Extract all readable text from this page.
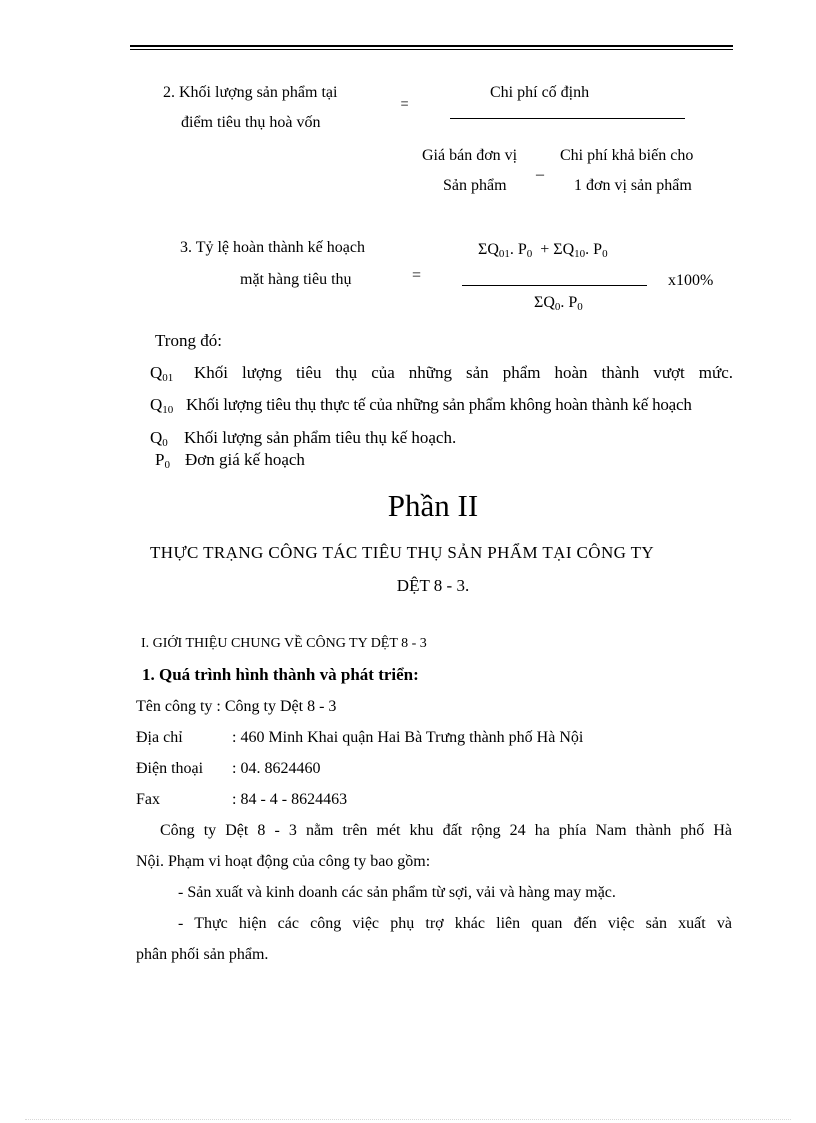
2. Khối lượng sản phẩm tại
điểm tiêu thụ hoà vốn
=
Chi phí cố định
Giá bán đơn vị
Sản phẩm
–
Chi phí khả biến cho
1 đơn vị sản phẩm
3. Tỷ lệ hoàn thành kế hoạch
mặt hàng tiêu thụ	=
$\Sigma Q_{01}$. $P_0 + \Sigma Q_{10}$. $P_0$
$\Sigma Q_0$. $P_0$
x100%
Trong đó:
$Q_{01}$ Khối lượng tiêu thụ của những sản phẩm hoàn thành vượt mức.
$Q_{10}$ Khối lượng tiêu thụ thực tế của những sản phẩm không hoàn thành kế hoạch
$Q_0$ Khối lượng sản phẩm tiêu thụ kế hoạch.
$P_0$ Đơn giá kế hoạch
Phần II
THỰC TRẠNG CÔNG TÁC TIÊU THỤ SẢN PHẨM TẠI CÔNG TY
DỆT 8 - 3.
I. GIỚI THIỆU CHUNG VỀ CÔNG TY DỆT 8 - 3
1. Quá trình hình thành và phát triển:
Tên công ty : Công ty Dệt 8 - 3
Địa chỉ	: 460 Minh Khai quận Hai Bà Trưng thành phố Hà Nội
Điện thoại : 04. 8624460
Fax	: 84 - 4 - 8624463
Công ty Dệt 8 - 3 nằm trên mét khu đất rộng 24 ha phía Nam thành phố Hà
Nội. Phạm vi hoạt động của công ty bao gồm:
- Sản xuất và kinh doanh các sản phẩm từ sợi, vải và hàng may mặc.
- Thực hiện các công việc phụ trợ khác liên quan đến việc sản xuất và
phân phối sản phẩm.
